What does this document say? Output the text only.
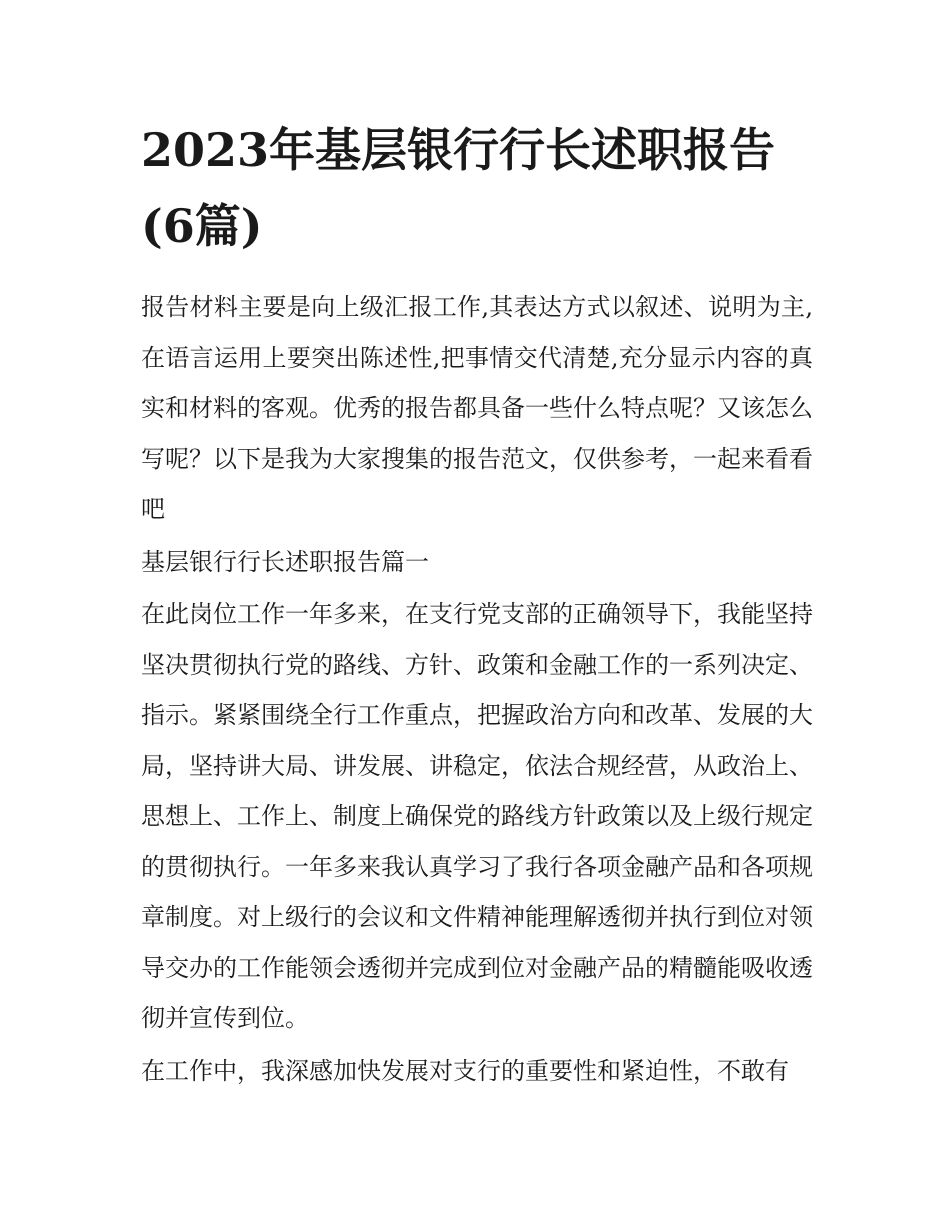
2023年基层银行行长述职报告(6篇)

报告材料主要是向上级汇报工作,其表达方式以叙述、说明为主,在语言运用上要突出陈述性,把事情交代清楚,充分显示内容的真实和材料的客观。优秀的报告都具备一些什么特点呢？又该怎么写呢？以下是我为大家搜集的报告范文，仅供参考，一起来看看吧

基层银行行长述职报告篇一

在此岗位工作一年多来，在支行党支部的正确领导下，我能坚持坚决贯彻执行党的路线、方针、政策和金融工作的一系列决定、指示。紧紧围绕全行工作重点，把握政治方向和改革、发展的大局，坚持讲大局、讲发展、讲稳定，依法合规经营，从政治上、思想上、工作上、制度上确保党的路线方针政策以及上级行规定的贯彻执行。一年多来我认真学习了我行各项金融产品和各项规章制度。对上级行的会议和文件精神能理解透彻并执行到位对领导交办的工作能领会透彻并完成到位对金融产品的精髓能吸收透彻并宣传到位。

在工作中，我深感加快发展对支行的重要性和紧迫性，不敢有
